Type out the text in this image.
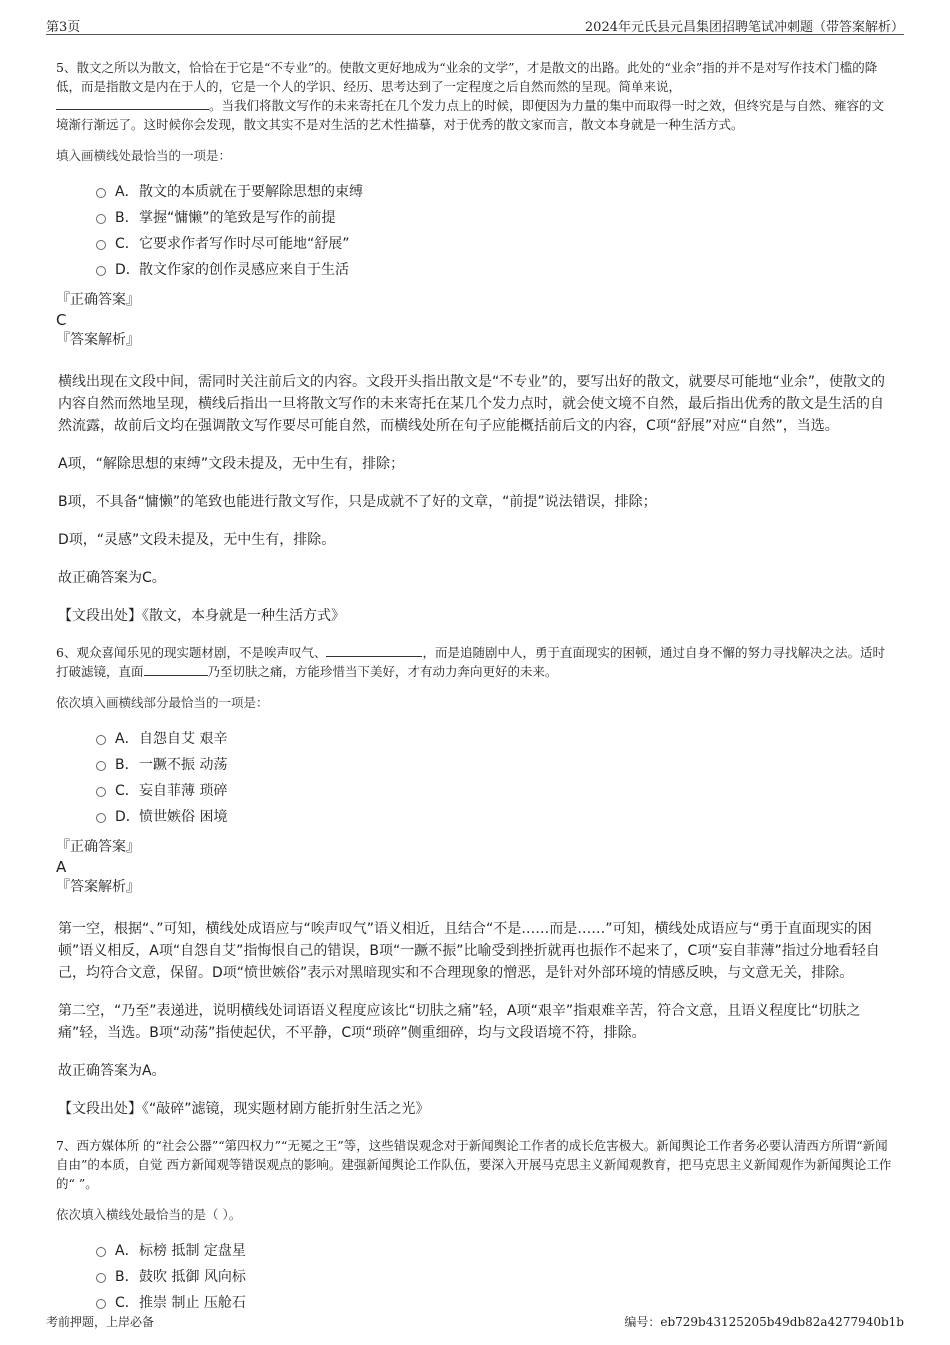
第3页	2024年元氏县元昌集团招聘笔试冲刺题（带答案解析）

5、散文之所以为散文，恰恰在于它是“不专业”的。使散文更好地成为“业余的文学”，才是散文的出路。此处的“业余”指的并不是对写作技术门槛的降低，而是指散文是内在于人的，它是一个人的学识、经历、思考达到了一定程度之后自然而然的呈现。简单来说，
。当我们将散文写作的未来寄托在几个发力点上的时候，即便因为力量的集中而取得一时之效，但终究是与自然、雍容的文境渐行渐远了。这时候你会发现，散文其实不是对生活的艺术性描摹，对于优秀的散文家而言，散文本身就是一种生活方式。

填入画横线处最恰当的一项是：

A．散文的本质就在于要解除思想的束缚
B．掌握“慵懒”的笔致是写作的前提
C．它要求作者写作时尽可能地“舒展”
D．散文作家的创作灵感应来自于生活
『正确答案』
C
『答案解析』

横线出现在文段中间，需同时关注前后文的内容。文段开头指出散文是“不专业”的，要写出好的散文，就要尽可能地“业余”，使散文的内容自然而然地呈现，横线后指出一旦将散文写作的未来寄托在某几个发力点时，就会使文境不自然，最后指出优秀的散文是生活的自然流露，故前后文均在强调散文写作要尽可能自然，而横线处所在句子应能概括前后文的内容，C项“舒展”对应“自然”，当选。

A项，“解除思想的束缚”文段未提及，无中生有，排除；

B项，不具备“慵懒”的笔致也能进行散文写作，只是成就不了好的文章，“前提”说法错误，排除；

D项，“灵感”文段未提及，无中生有，排除。

故正确答案为C。

【文段出处】《散文，本身就是一种生活方式》

6、观众喜闻乐见的现实题材剧，不是唉声叹气、	，而是追随剧中人，勇于直面现实的困顿，通过自身不懈的努力寻找解决之法。适时打破滤镜，直面	乃至切肤之痛，方能珍惜当下美好，才有动力奔向更好的未来。

依次填入画横线部分最恰当的一项是：

A．自怨自艾 艰辛
B．一蹶不振 动荡
C．妄自菲薄 琐碎
D．愤世嫉俗 困境
『正确答案』
A
『答案解析』

第一空，根据“、”可知，横线处成语应与“唉声叹气”语义相近，且结合“不是……而是……”可知，横线处成语应与“勇于直面现实的困顿”语义相反，A项“自怨自艾”指悔恨自己的错误，B项“一蹶不振”比喻受到挫折就再也振作不起来了，C项“妄自菲薄”指过分地看轻自己，均符合文意，保留。D项“愤世嫉俗”表示对黑暗现实和不合理现象的憎恶，是针对外部环境的情感反映，与文意无关，排除。

第二空，“乃至”表递进，说明横线处词语语义程度应该比“切肤之痛”轻，A项“艰辛”指艰难辛苦，符合文意，且语义程度比“切肤之痛”轻，当选。B项“动荡”指使起伏，不平静，C项“琐碎”侧重细碎，均与文段语境不符，排除。

故正确答案为A。

【文段出处】《“敲碎”滤镜，现实题材剧方能折射生活之光》

7、西方媒体所 的“社会公器”“第四权力”“无冕之王”等，这些错误观念对于新闻舆论工作者的成长危害极大。新闻舆论工作者务必要认清西方所谓“新闻自由”的本质，自觉 西方新闻观等错误观点的影响。建强新闻舆论工作队伍，要深入开展马克思主义新闻观教育，把马克思主义新闻观作为新闻舆论工作的“ ”。

依次填入横线处最恰当的是（ ）。

A．标榜 抵制 定盘星
B．鼓吹 抵御 风向标
C．推崇 制止 压舱石
考前押题，上岸必备	编号：eb729b43125205b49db82a4277940b1b
